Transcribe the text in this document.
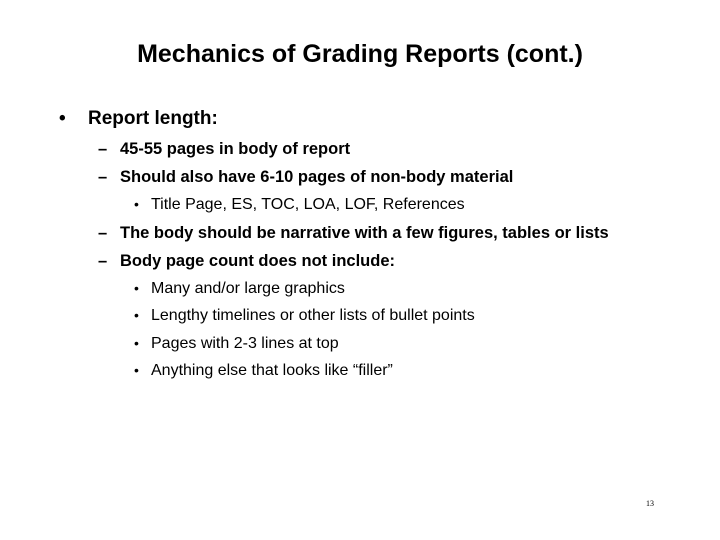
Mechanics of Grading Reports (cont.)
• Report length:
– 45-55 pages in body of report
– Should also have 6-10 pages of non-body material
• Title Page, ES, TOC, LOA, LOF, References
– The body should be narrative with a few figures, tables or lists
– Body page count does not include:
• Many and/or large graphics
• Lengthy timelines or other lists of bullet points
• Pages with 2-3 lines at top
• Anything else that looks like “filler”
13
